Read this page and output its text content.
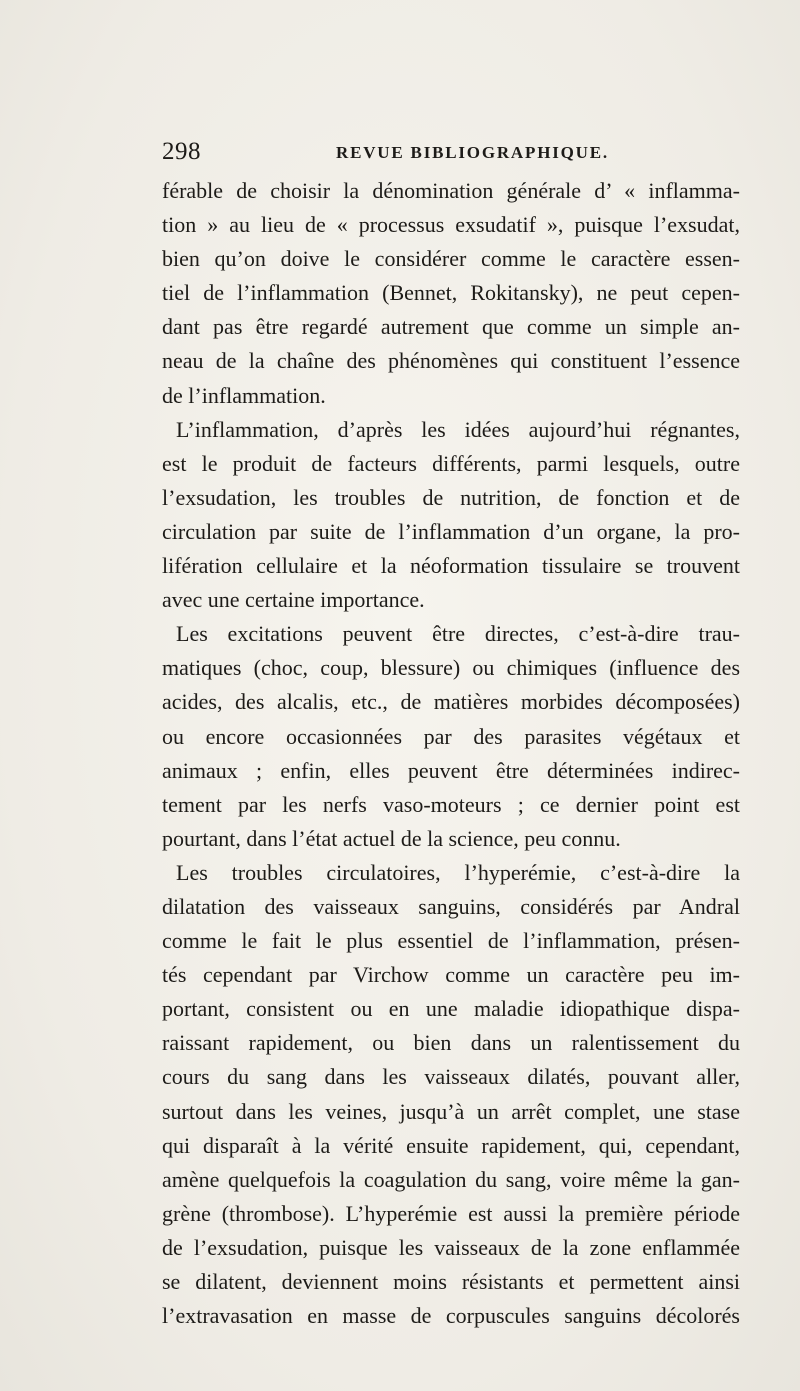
298	REVUE BIBLIOGRAPHIQUE.
férable de choisir la dénomination générale d’ « inflamma-
tion » au lieu de « processus exsudatif », puisque l’exsudat,
bien qu’on doive le considérer comme le caractère essen-
tiel de l’inflammation (Bennet, Rokitansky), ne peut cepen-
dant pas être regardé autrement que comme un simple an-
neau de la chaîne des phénomènes qui constituent l’essence
de l’inflammation.
L’inflammation, d’après les idées aujourd’hui régnantes,
est le produit de facteurs différents, parmi lesquels, outre
l’exsudation, les troubles de nutrition, de fonction et de
circulation par suite de l’inflammation d’un organe, la pro-
lifération cellulaire et la néoformation tissulaire se trouvent
avec une certaine importance.
Les excitations peuvent être directes, c’est-à-dire trau-
matiques (choc, coup, blessure) ou chimiques (influence des
acides, des alcalis, etc., de matières morbides décomposées)
ou encore occasionnées par des parasites végétaux et
animaux ; enfin, elles peuvent être déterminées indirec-
tement par les nerfs vaso-moteurs ; ce dernier point est
pourtant, dans l’état actuel de la science, peu connu.
Les troubles circulatoires, l’hyperémie, c’est-à-dire la
dilatation des vaisseaux sanguins, considérés par Andral
comme le fait le plus essentiel de l’inflammation, présen-
tés cependant par Virchow comme un caractère peu im-
portant, consistent ou en une maladie idiopathique dispa-
raissant rapidement, ou bien dans un ralentissement du
cours du sang dans les vaisseaux dilatés, pouvant aller,
surtout dans les veines, jusqu’à un arrêt complet, une stase
qui disparaît à la vérité ensuite rapidement, qui, cependant,
amène quelquefois la coagulation du sang, voire même la gan-
grène (thrombose). L’hyperémie est aussi la première période
de l’exsudation, puisque les vaisseaux de la zone enflammée
se dilatent, deviennent moins résistants et permettent ainsi
l’extravasation en masse de corpuscules sanguins décolorés
